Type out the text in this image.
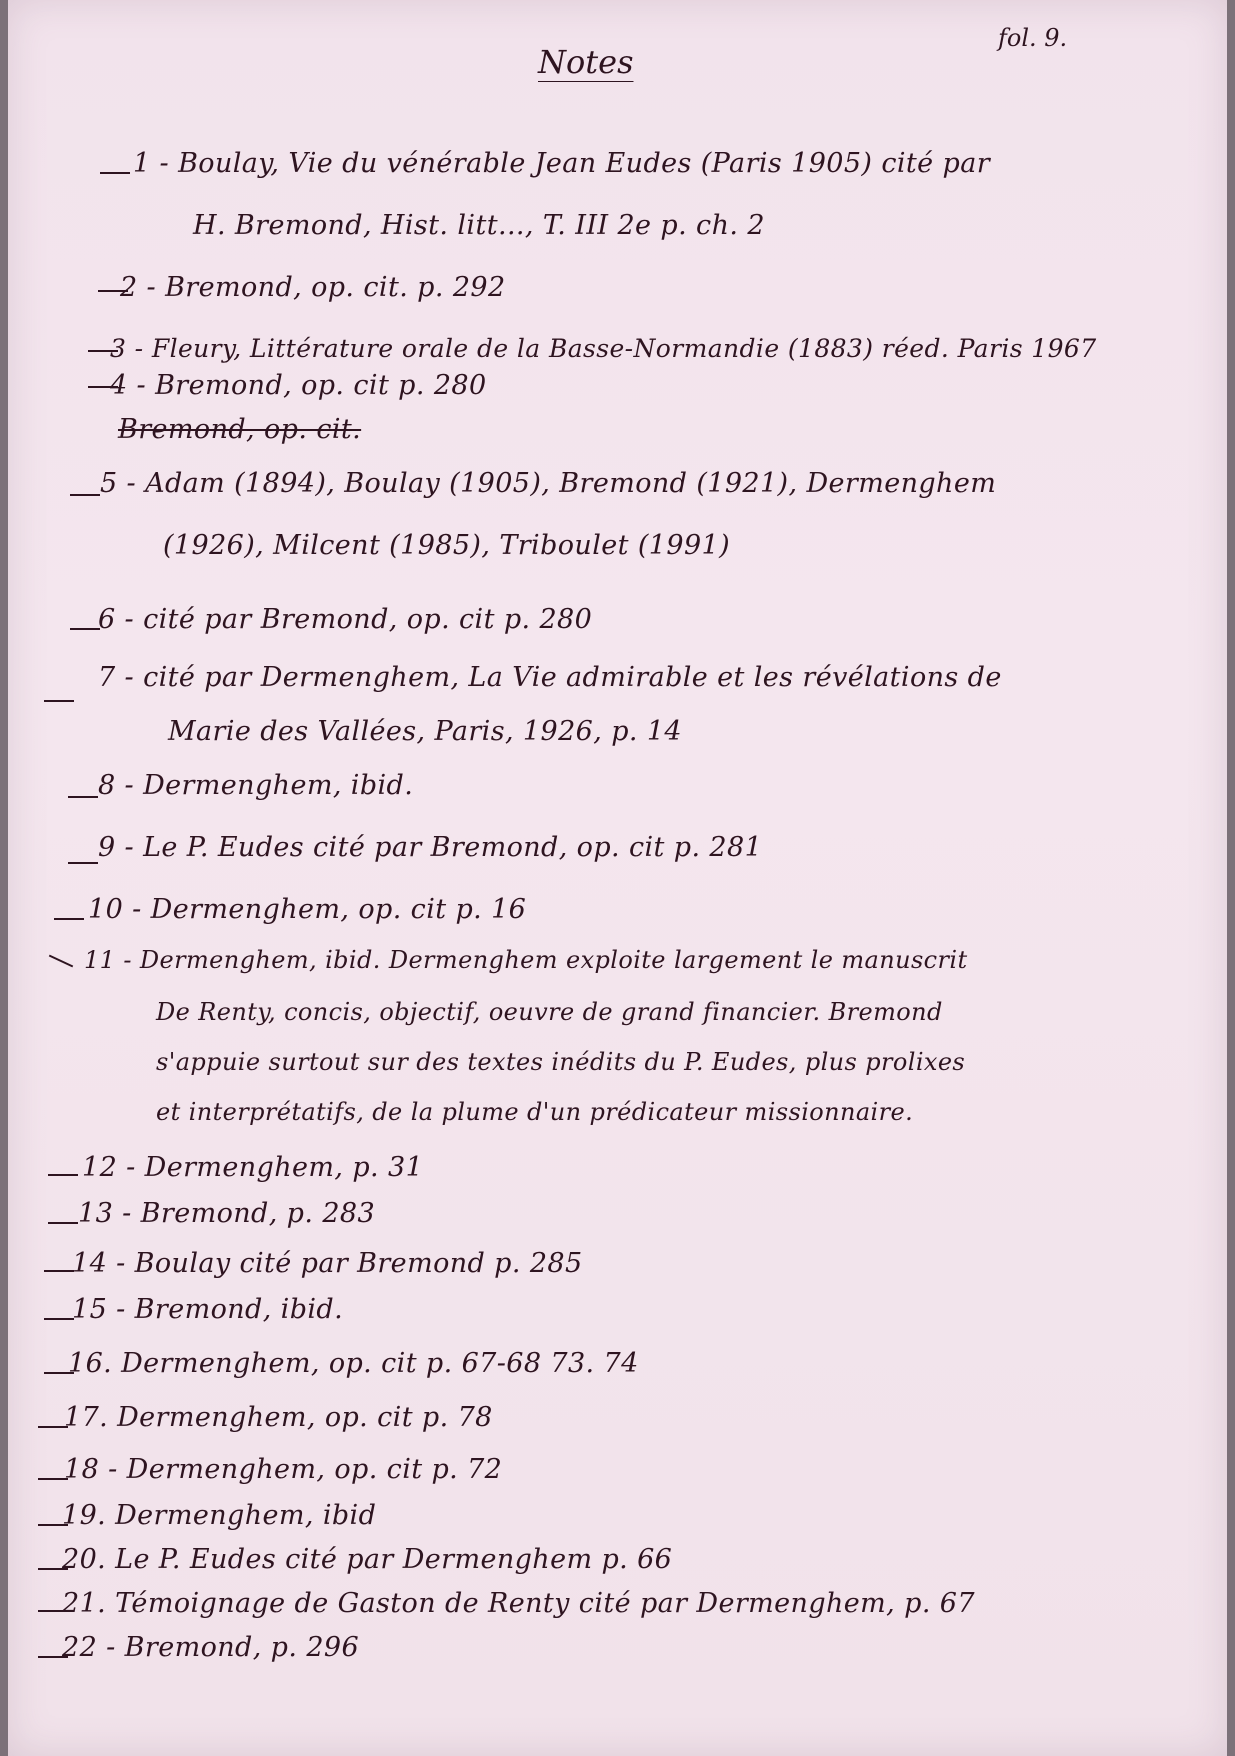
fol. 9.
Notes
1 - Boulay, Vie du vénérable Jean Eudes (Paris 1905) cité par
H. Bremond, Hist. litt..., T. III 2e p. ch. 2
2 - Bremond, op. cit. p. 292
3 - Fleury, Littérature orale de la Basse-Normandie (1883) réed. Paris 1967
4 - Bremond, op. cit p. 280
Bremond, op. cit.
5 - Adam (1894), Boulay (1905), Bremond (1921), Dermenghem
(1926), Milcent (1985), Triboulet (1991)
6 - cité par Bremond, op. cit p. 280
7 - cité par Dermenghem, La Vie admirable et les révélations de
Marie des Vallées, Paris, 1926, p. 14
8 - Dermenghem, ibid.
9 - Le P. Eudes cité par Bremond, op. cit p. 281
10 - Dermenghem, op. cit p. 16
11 - Dermenghem, ibid. Dermenghem exploite largement le manuscrit
De Renty, concis, objectif, oeuvre de grand financier. Bremond
s'appuie surtout sur des textes inédits du P. Eudes, plus prolixes
et interprétatifs, de la plume d'un prédicateur missionnaire.
12 - Dermenghem, p. 31
13 - Bremond, p. 283
14 - Boulay cité par Bremond p. 285
15 - Bremond, ibid.
16. Dermenghem, op. cit p. 67-68 73. 74
17. Dermenghem, op. cit p. 78
18 - Dermenghem, op. cit p. 72
19. Dermenghem, ibid
20. Le P. Eudes cité par Dermenghem p. 66
21. Témoignage de Gaston de Renty cité par Dermenghem, p. 67
22 - Bremond, p. 296
